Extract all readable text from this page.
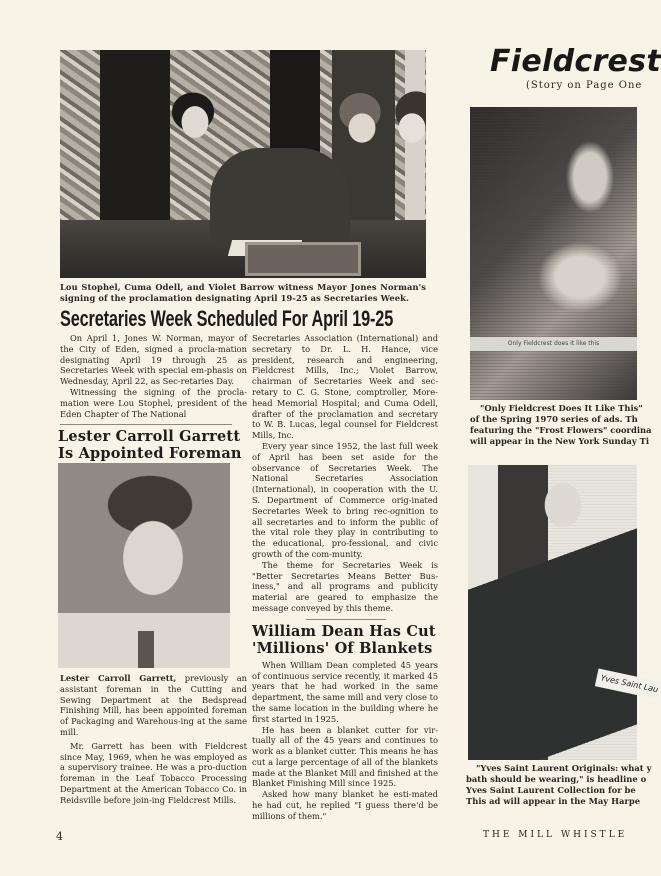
Lou Stophel, Cuma Odell, and Violet Barrow witness Mayor Jones Norman's signing of the proclamation designating April 19-25 as Secretaries Week.
Secretaries Week Scheduled For April 19-25

On April 1, Jones W. Norman, mayor of the City of Eden, signed a procla-mation designating April 19 through 25 as Secretaries Week with special em-phasis on Wednesday, April 22, as Sec-retaries Day.

Witnessing the signing of the procla-mation were Lou Stophel, president of the Eden Chapter of The National

Lester Carroll Garrett
Is Appointed Foreman

Lester Carroll Garrett, previously an assistant foreman in the Cutting and Sewing Department at the Bedspread Finishing Mill, has been appointed foreman of Packaging and Warehous-ing at the same mill.

Mr. Garrett has been with Fieldcrest since May, 1969, when he was employed as a supervisory trainee. He was a pro-duction foreman in the Leaf Tobacco Processing Department at the American Tobacco Co. in Reidsville before join-ing Fieldcrest Mills.

Secretaries Association (International) and secretary to Dr. L. H. Hance, vice president, research and engineering, Fieldcrest Mills, Inc.; Violet Barrow, chairman of Secretaries Week and sec-retary to C. G. Stone, comptroller, More-head Memorial Hospital; and Cuma Odell, drafter of the proclamation and secretary to W. B. Lucas, legal counsel for Fieldcrest Mills, Inc.

Every year since 1952, the last full week of April has been set aside for the observance of Secretaries Week. The National Secretaries Association (International), in cooperation with the U. S. Department of Commerce orig-inated Secretaries Week to bring rec-ognition to all secretaries and to inform the public of the vital role they play in contributing to the educational, pro-fessional, and civic growth of the com-munity.

The theme for Secretaries Week is "Better Secretaries Means Better Bus-iness," and all programs and publicity material are geared to emphasize the message conveyed by this theme.

William Dean Has Cut
'Millions' Of Blankets

When William Dean completed 45 years of continuous service recently, it marked 45 years that he had worked in the same department, the same mill and very close to the same location in the building where he first started in 1925.

He has been a blanket cutter for vir-tually all of the 45 years and continues to work as a blanket cutter. This means he has cut a large percentage of all of the blankets made at the Blanket Mill and finished at the Blanket Finishing Mill since 1925.

Asked how many blanket he esti-mated he had cut, he replied "I guess there'd be millions of them."

Fieldcrest
(Story on Page One
Only Fieldcrest does it like this
"Only Fieldcrest Does It Like This"
of the Spring 1970 series of ads. Th
featuring the "Frost Flowers" coordina
will appear in the New York Sunday Ti
Yves Saint Lau
"Yves Saint Laurent Originals: what y
bath should be wearing," is headline o
Yves Saint Laurent Collection for be
This ad will appear in the May Harpe
4	THE MILL WHISTLE
